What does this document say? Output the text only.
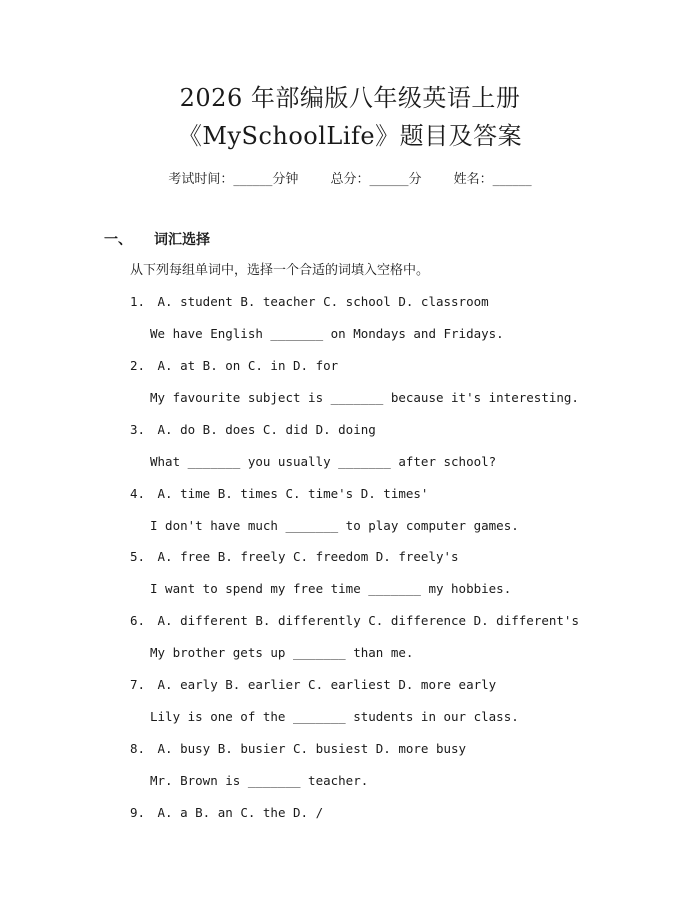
2026 年部编版八年级英语上册
《MySchoolLife》题目及答案
考试时间：______分钟 总分：______分 姓名：______
一、 词汇选择
从下列每组单词中，选择一个合适的词填入空格中。
1. A. student B. teacher C. school D. classroom
We have English _______ on Mondays and Fridays.
2. A. at B. on C. in D. for
My favourite subject is _______ because it's interesting.
3. A. do B. does C. did D. doing
What _______ you usually _______ after school?
4. A. time B. times C. time's D. times'
I don't have much _______ to play computer games.
5. A. free B. freely C. freedom D. freely's
I want to spend my free time _______ my hobbies.
6. A. different B. differently C. difference D. different's
My brother gets up _______ than me.
7. A. early B. earlier C. earliest D. more early
Lily is one of the _______ students in our class.
8. A. busy B. busier C. busiest D. more busy
Mr. Brown is _______ teacher.
9. A. a B. an C. the D. /
